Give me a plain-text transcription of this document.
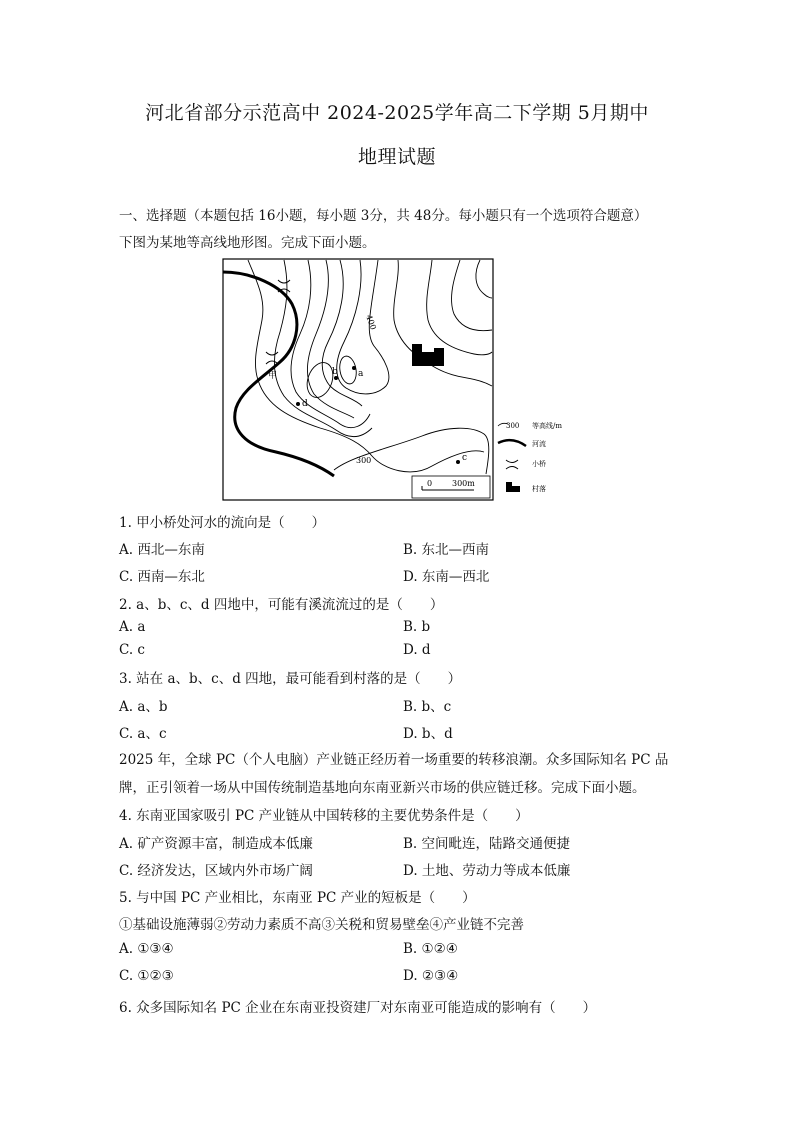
河北省部分示范高中 2024-2025学年高二下学期 5月期中
地理试题
一、选择题（本题包括 16小题，每小题 3分，共 48分。每小题只有一个选项符合题意）
下图为某地等高线地形图。完成下面小题。
甲	a
b
c
d
400
300
0 300m
300 等高线/m
河流
小桥
村落
1. 甲小桥处河水的流向是（　　）
A. 西北—东南	B. 东北—西南
C. 西南—东北	D. 东南—西北
2. a、b、c、d 四地中，可能有溪流流过的是（　　）
A. a	B. b
C. c	D. d
3. 站在 a、b、c、d 四地，最可能看到村落的是（　　）
A. a、b	B. b、c
C. a、c	D. b、d
2025 年，全球 PC（个人电脑）产业链正经历着一场重要的转移浪潮。众多国际知名 PC 品
牌，正引领着一场从中国传统制造基地向东南亚新兴市场的供应链迁移。完成下面小题。
4. 东南亚国家吸引 PC 产业链从中国转移的主要优势条件是（　　）
A. 矿产资源丰富，制造成本低廉	B. 空间毗连，陆路交通便捷
C. 经济发达，区域内外市场广阔	D. 土地、劳动力等成本低廉
5. 与中国 PC 产业相比，东南亚 PC 产业的短板是（　　）
①基础设施薄弱②劳动力素质不高③关税和贸易壁垒④产业链不完善
A. ①③④	B. ①②④
C. ①②③	D. ②③④
6. 众多国际知名 PC 企业在东南亚投资建厂对东南亚可能造成的影响有（　　）
